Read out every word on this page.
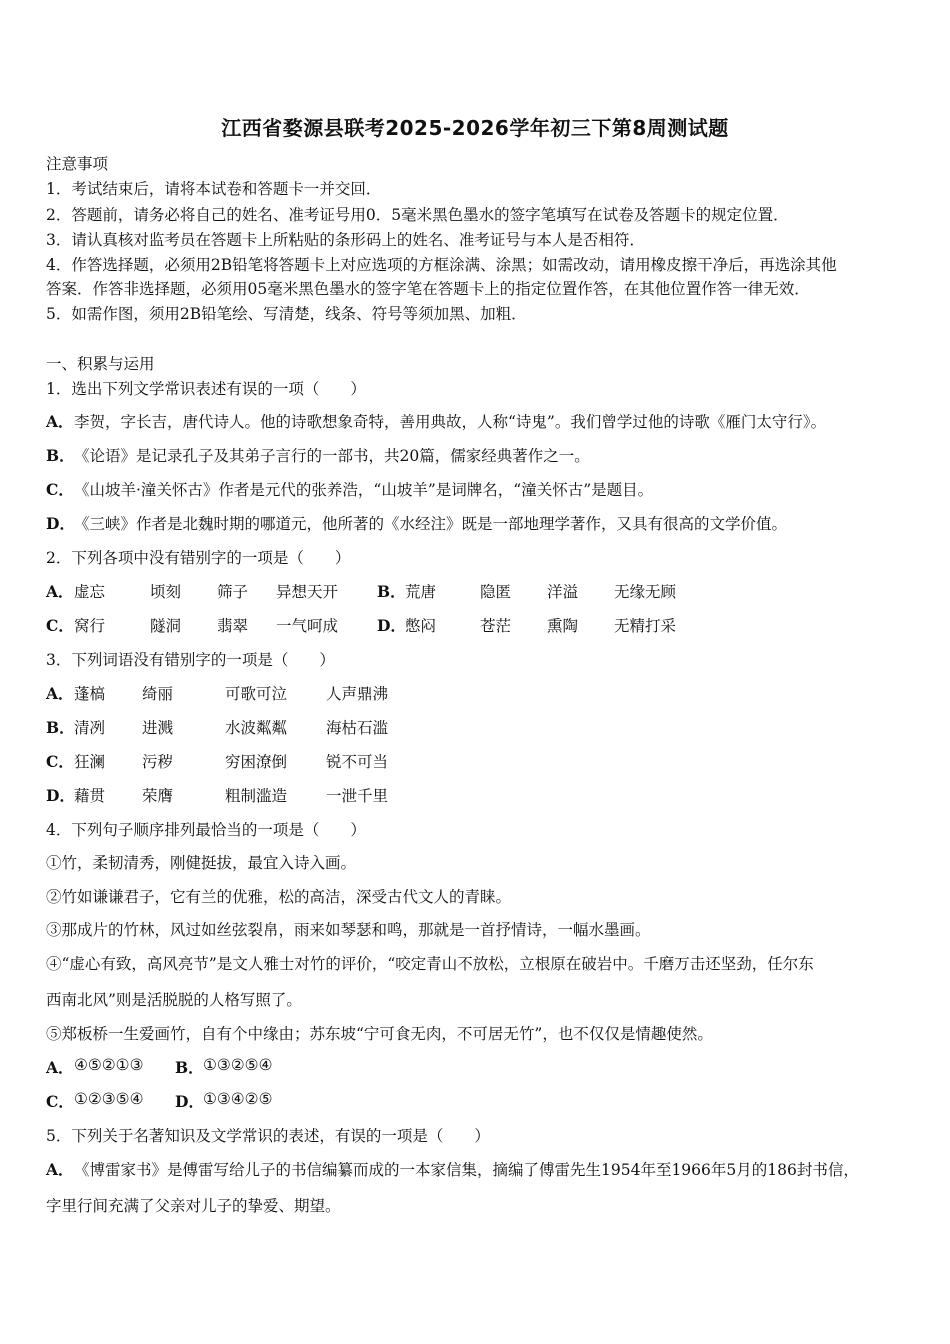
江西省婺源县联考2025-2026学年初三下第8周测试题
注意事项
1．考试结束后，请将本试卷和答题卡一并交回．
2．答题前，请务必将自己的姓名、准考证号用0．5毫米黑色墨水的签字笔填写在试卷及答题卡的规定位置．
3．请认真核对监考员在答题卡上所粘贴的条形码上的姓名、准考证号与本人是否相符．
4．作答选择题，必须用2B铅笔将答题卡上对应选项的方框涂满、涂黑；如需改动，请用橡皮擦干净后，再选涂其他
答案．作答非选择题，必须用05毫米黑色墨水的签字笔在答题卡上的指定位置作答，在其他位置作答一律无效．
5．如需作图，须用2B铅笔绘、写清楚，线条、符号等须加黑、加粗．
一、积累与运用
1．选出下列文学常识表述有误的一项（　　）
A．李贺，字长吉，唐代诗人。他的诗歌想象奇特，善用典故，人称“诗鬼”。我们曾学过他的诗歌《雁门太守行》。
B．《论语》是记录孔子及其弟子言行的一部书，共20篇，儒家经典著作之一。
C．《山坡羊·潼关怀古》作者是元代的张养浩，“山坡羊”是词牌名，“潼关怀古”是题目。
D．《三峡》作者是北魏时期的哪道元，他所著的《水经注》既是一部地理学著作，又具有很高的文学价值。
2．下列各项中没有错别字的一项是（　　）
A． 虚忘	顷刻 筛子 异想天开	B． 荒唐	隐匿 洋溢 无缘无顾
C． 窝行	隧洞 翡翠 一气呵成	D． 憋闷	苍茫 熏陶 无精打采
3．下列词语没有错别字的一项是（　　）
A． 蓬槁 绮丽	可歌可泣	人声鼎沸
B． 清冽 进溅	水波粼粼	海枯石滥
C． 狂澜 污秽	穷困潦倒	锐不可当
D． 藉贯 荣膺	粗制滥造	一泄千里
4．下列句子顺序排列最恰当的一项是（　　）
①竹，柔韧清秀，刚健挺拔，最宜入诗入画。
②竹如谦谦君子，它有兰的优雅，松的高洁，深受古代文人的青睐。
③那成片的竹林，风过如丝弦裂帛，雨来如琴瑟和鸣，那就是一首抒情诗，一幅水墨画。
④“虚心有致，高风亮节”是文人雅士对竹的评价，“咬定青山不放松，立根原在破岩中。千磨万击还坚劲，任尔东
西南北风”则是活脱脱的人格写照了。
⑤郑板桥一生爱画竹，自有个中缘由；苏东坡“宁可食无肉，不可居无竹”，也不仅仅是情趣使然。
A． ④⑤②①③ B． ①③②⑤④
C． ①②③⑤④ D． ①③④②⑤
5．下列关于名著知识及文学常识的表述，有误的一项是（　　）
A．《博雷家书》是傅雷写给儿子的书信编纂而成的一本家信集，摘编了傅雷先生1954年至1966年5月的186封书信，
字里行间充满了父亲对儿子的挚爱、期望。
